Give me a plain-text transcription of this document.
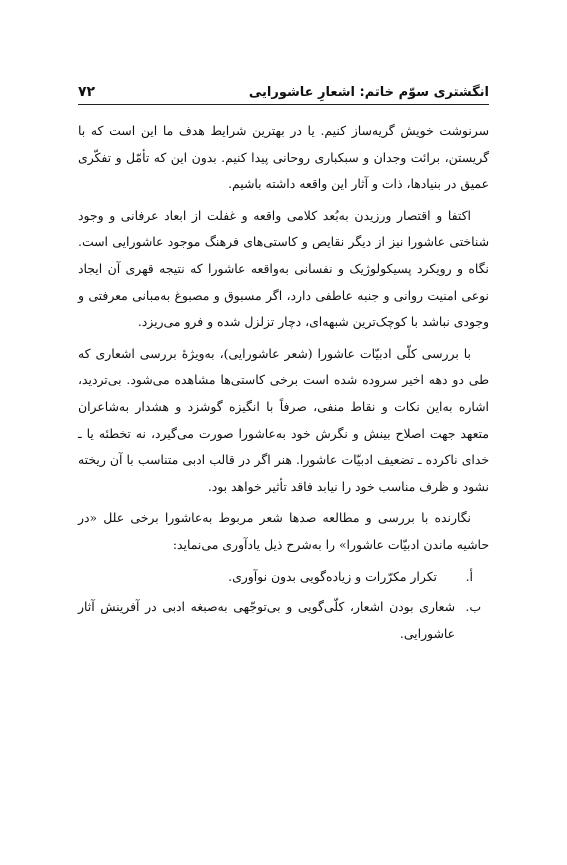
انگشتری سوّم خاتم: اشعارِ عاشورایی
۷۲

سرنوشت خویش گریه‌ساز کنیم. یا در بهترین شرایط هدف ما این است که با گریستن، برائت وجدان و سبکباری روحانی پیدا کنیم. بدون این که تأمّل و تفکّری عمیق در بنیادها، ذات و آثار این واقعه داشته باشیم.

اکتفا و اقتصار ورزیدن به‌بُعد کلامی واقعه و غفلت از ابعاد عرفانی و وجود شناختی عاشورا نیز از دیگر نقایص و کاستی‌های فرهنگ موجود عاشورایی است. نگاه و رویکرد پسیکولوژیک و نفسانی به‌واقعه عاشورا که نتیجه قهری آن ایجاد نوعی امنیت روانی و جنبه عاطفی دارد، اگر مسبوق و مصبوغ به‌مبانی معرفتی و وجودی نباشد با کوچک‌ترین شبهه‌ای، دچار تزلزل شده و فرو می‌ریزد.

با بررسی کلّی ادبیّات عاشورا (شعر عاشورایی)، به‌ویژهٔ بررسی اشعاری که طی دو دهه اخیر سروده شده است برخی کاستی‌ها مشاهده می‌شود. بی‌تردید، اشاره به‌این نکات و نقاط منفی، صرفاً با انگیزه گوشزد و هشدار به‌شاعران متعهد جهت اصلاح بینش و نگرش خود به‌عاشورا صورت می‌گیرد، نه تخطئه یا ـ خدای ناکرده ـ تضعیف ادبیّات عاشورا. هنر اگر در قالب ادبی متناسب با آن ریخته نشود و ظرف مناسب خود را نیابد فاقد تأثیر خواهد بود.

نگارنده با بررسی و مطالعه صدها شعر مربوط به‌عاشورا برخی علل «در حاشیه ماندن ادبیّات عاشورا» را به‌شرح ذیل یادآوری می‌نماید:

أ.
تکرار مکرّرات و زیاده‌گویی بدون نوآوری.
ب.
شعاری بودن اشعار، کلّی‌گویی و بی‌توجّهی به‌صبغه ادبی در آفرینش آثار عاشورایی.
